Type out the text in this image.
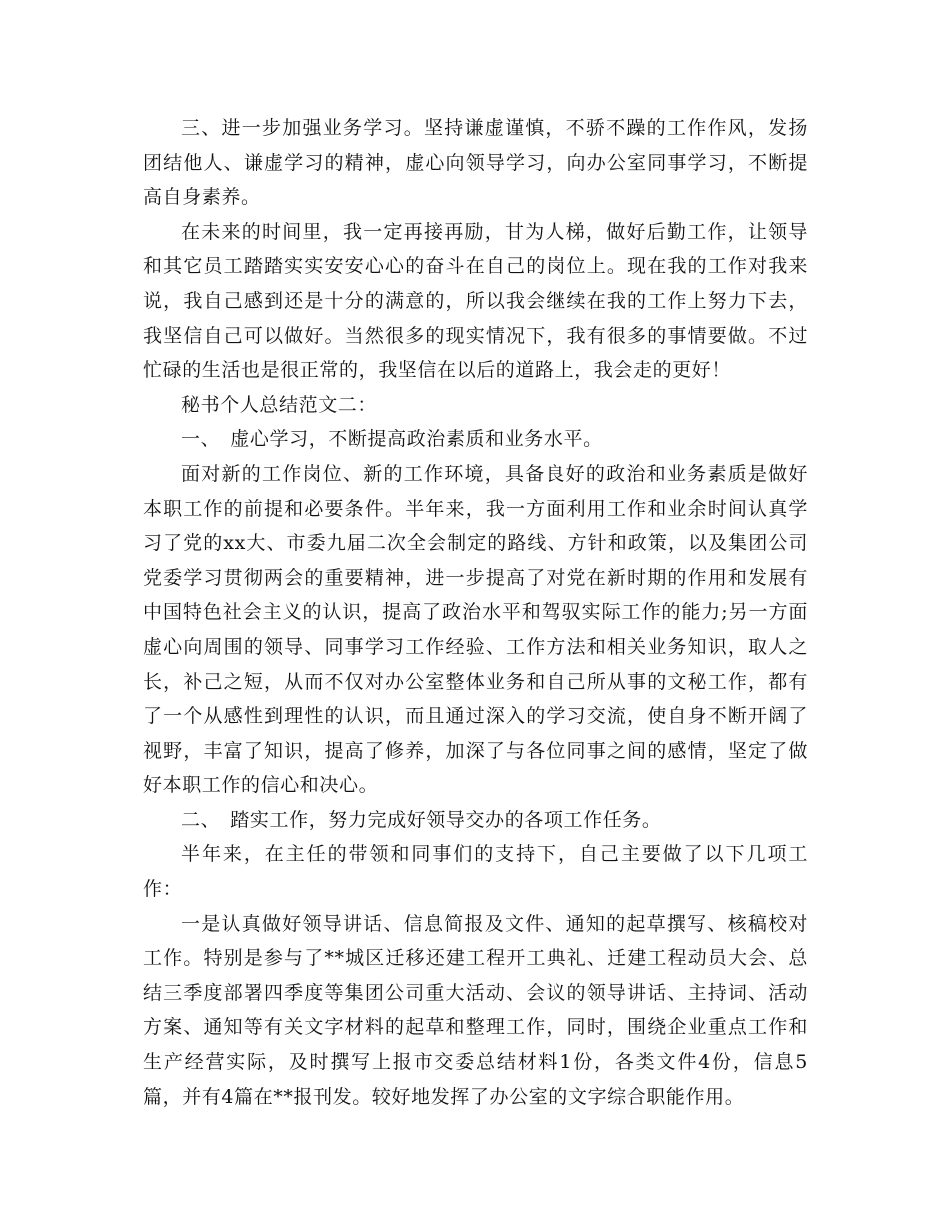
三、进一步加强业务学习。坚持谦虚谨慎，不骄不躁的工作作风，发扬团结他人、谦虚学习的精神，虚心向领导学习，向办公室同事学习，不断提高自身素养。

在未来的时间里，我一定再接再励，甘为人梯，做好后勤工作，让领导和其它员工踏踏实实安安心心的奋斗在自己的岗位上。现在我的工作对我来说，我自己感到还是十分的满意的，所以我会继续在我的工作上努力下去，我坚信自己可以做好。当然很多的现实情况下，我有很多的事情要做。不过忙碌的生活也是很正常的，我坚信在以后的道路上，我会走的更好！

秘书个人总结范文二：

一、　虚心学习，不断提高政治素质和业务水平。

面对新的工作岗位、新的工作环境，具备良好的政治和业务素质是做好本职工作的前提和必要条件。半年来，我一方面利用工作和业余时间认真学习了党的xx大、市委九届二次全会制定的路线、方针和政策，以及集团公司党委学习贯彻两会的重要精神，进一步提高了对党在新时期的作用和发展有中国特色社会主义的认识，提高了政治水平和驾驭实际工作的能力;另一方面虚心向周围的领导、同事学习工作经验、工作方法和相关业务知识，取人之长，补己之短，从而不仅对办公室整体业务和自己所从事的文秘工作，都有了一个从感性到理性的认识，而且通过深入的学习交流，使自身不断开阔了视野，丰富了知识，提高了修养，加深了与各位同事之间的感情，坚定了做好本职工作的信心和决心。

二、　踏实工作，努力完成好领导交办的各项工作任务。

半年来，在主任的带领和同事们的支持下，自己主要做了以下几项工作：

一是认真做好领导讲话、信息简报及文件、通知的起草撰写、核稿校对工作。特别是参与了**城区迁移还建工程开工典礼、迁建工程动员大会、总结三季度部署四季度等集团公司重大活动、会议的领导讲话、主持词、活动方案、通知等有关文字材料的起草和整理工作，同时，围绕企业重点工作和生产经营实际，及时撰写上报市交委总结材料1份，各类文件4份，信息5篇，并有4篇在**报刊发。较好地发挥了办公室的文字综合职能作用。
